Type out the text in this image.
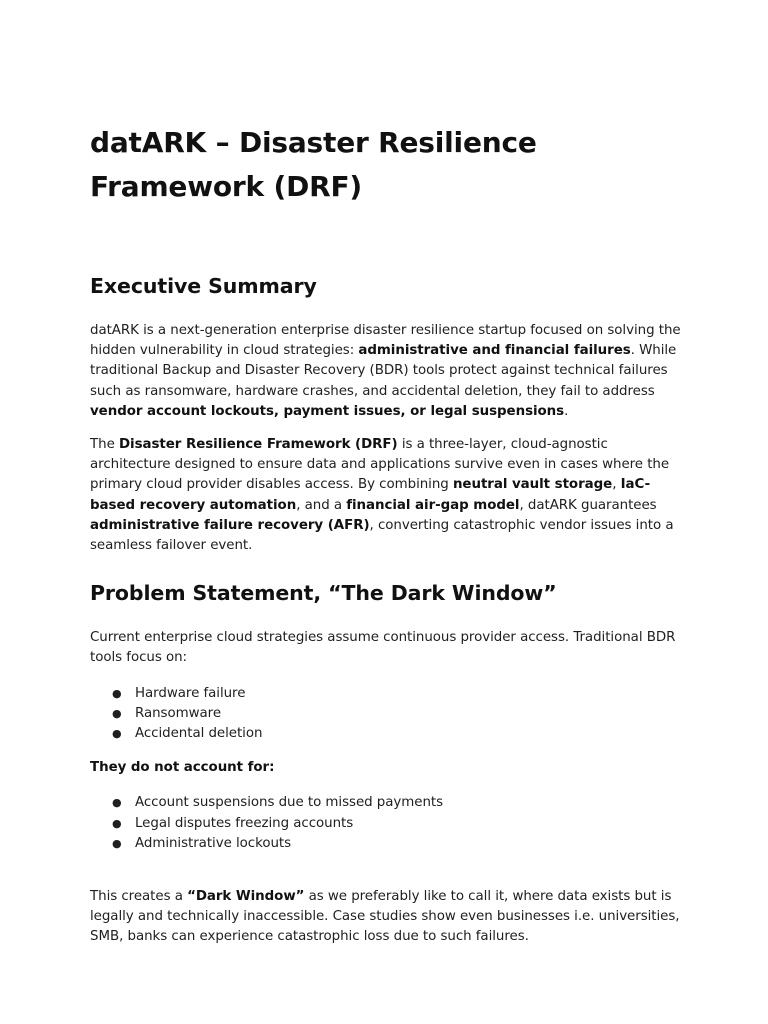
datARK – Disaster Resilience Framework (DRF)
Executive Summary

datARK is a next-generation enterprise disaster resilience startup focused on solving the hidden vulnerability in cloud strategies: administrative and financial failures. While traditional Backup and Disaster Recovery (BDR) tools protect against technical failures such as ransomware, hardware crashes, and accidental deletion, they fail to address vendor account lockouts, payment issues, or legal suspensions.

The Disaster Resilience Framework (DRF) is a three-layer, cloud-agnostic architecture designed to ensure data and applications survive even in cases where the primary cloud provider disables access. By combining neutral vault storage, IaC-based recovery automation, and a financial air-gap model, datARK guarantees administrative failure recovery (AFR), converting catastrophic vendor issues into a seamless failover event.

Problem Statement, “The Dark Window”

Current enterprise cloud strategies assume continuous provider access. Traditional BDR tools focus on:

● Hardware failure
● Ransomware
● Accidental deletion

They do not account for:

● Account suspensions due to missed payments
● Legal disputes freezing accounts
● Administrative lockouts

This creates a “Dark Window” as we preferably like to call it, where data exists but is legally and technically inaccessible. Case studies show even businesses i.e. universities, SMB, banks can experience catastrophic loss due to such failures.
